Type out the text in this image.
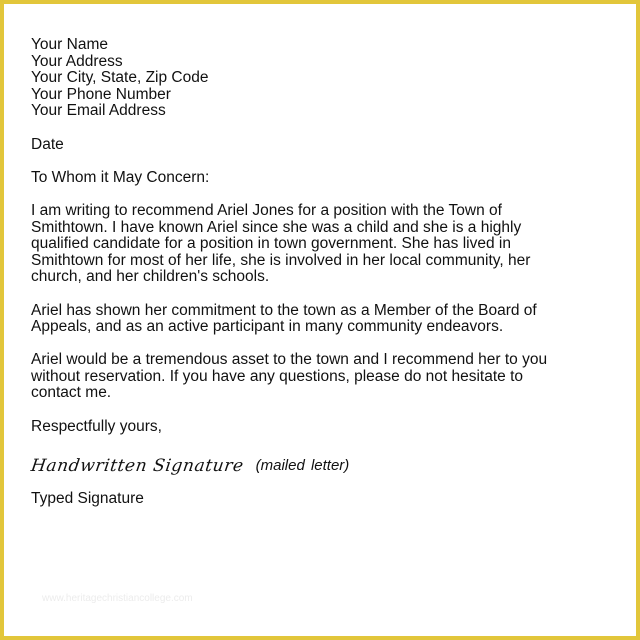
Your Name
Your Address
Your City, State, Zip Code
Your Phone Number
Your Email Address
Date
To Whom it May Concern:
I am writing to recommend Ariel Jones for a position with the Town of
Smithtown. I have known Ariel since she was a child and she is a highly
qualified candidate for a position in town government. She has lived in
Smithtown for most of her life, she is involved in her local community, her
church, and her children's schools.
Ariel has shown her commitment to the town as a Member of the Board of
Appeals, and as an active participant in many community endeavors.
Ariel would be a tremendous asset to the town and I recommend her to you
without reservation. If you have any questions, please do not hesitate to
contact me.
Respectfully yours,
Handwritten Signature (mailed letter)
Typed Signature
www.heritagechristiancollege.com
